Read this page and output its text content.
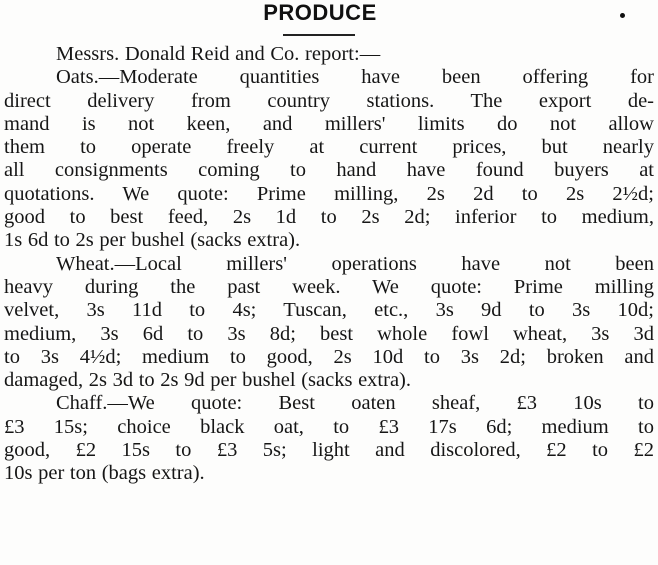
PRODUCE

Messrs. Donald Reid and Co. report:—

Oats.—Moderate quantities have been offering for
direct delivery from country stations. The export de-
mand is not keen, and millers' limits do not allow
them to operate freely at current prices, but nearly
all consignments coming to hand have found buyers at
quotations. We quote: Prime milling, 2s 2d to 2s 2½d;
good to best feed, 2s 1d to 2s 2d; inferior to medium,
1s 6d to 2s per bushel (sacks extra).

Wheat.—Local millers' operations have not been
heavy during the past week. We quote: Prime milling
velvet, 3s 11d to 4s; Tuscan, etc., 3s 9d to 3s 10d;
medium, 3s 6d to 3s 8d; best whole fowl wheat, 3s 3d
to 3s 4½d; medium to good, 2s 10d to 3s 2d; broken and
damaged, 2s 3d to 2s 9d per bushel (sacks extra).

Chaff.—We quote: Best oaten sheaf, £3 10s to
£3 15s; choice black oat, to £3 17s 6d; medium to
good, £2 15s to £3 5s; light and discolored, £2 to £2
10s per ton (bags extra).
